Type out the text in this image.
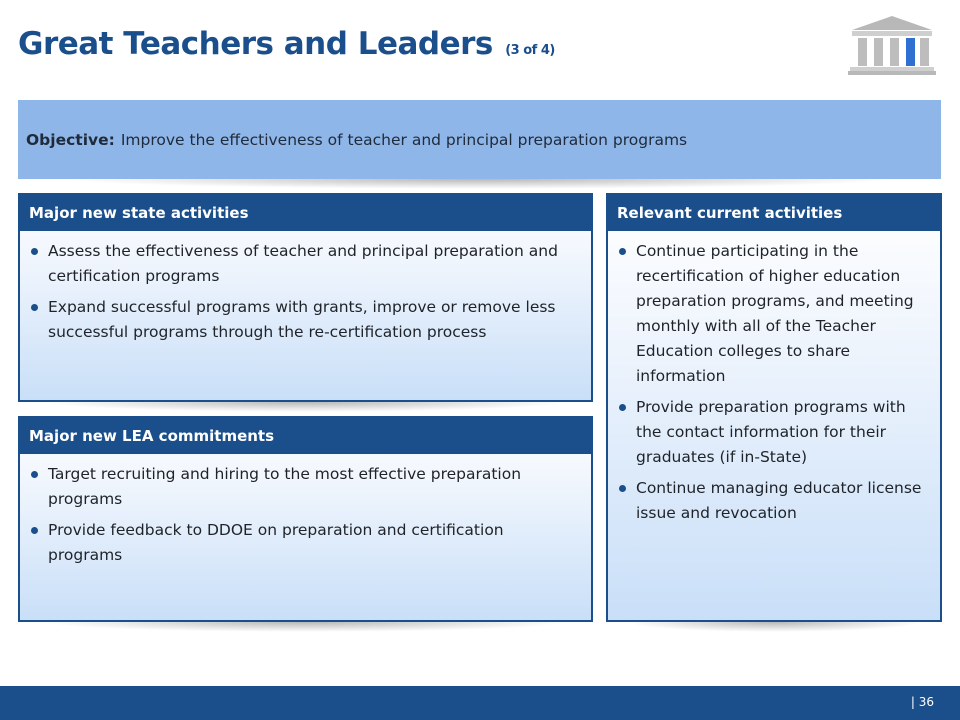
Great Teachers and Leaders (3 of 4)
Objective: Improve the effectiveness of teacher and principal preparation programs
Major new state activities
Assess the effectiveness of teacher and principal preparation and certification programs
Expand successful programs with grants, improve or remove less successful programs through the re-certification process
Major new LEA commitments
Target recruiting and hiring to the most effective preparation programs
Provide feedback to DDOE on preparation and certification programs
Relevant current activities
Continue participating in the recertification of higher education preparation programs, and meeting monthly with all of the Teacher Education colleges to share information
Provide preparation programs with the contact information for their graduates (if in-State)
Continue managing educator license issue and revocation
| 36
